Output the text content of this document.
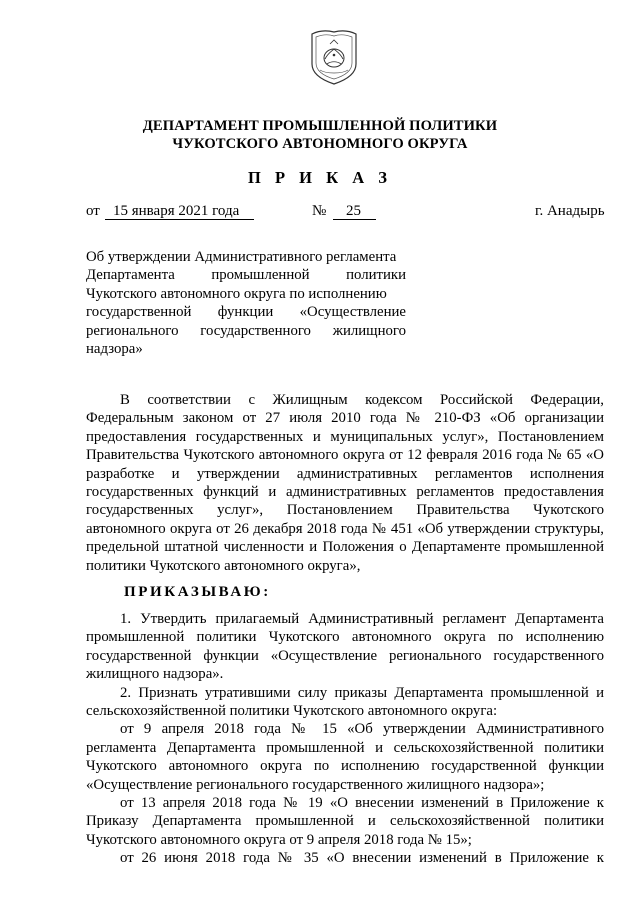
ДЕПАРТАМЕНТ ПРОМЫШЛЕННОЙ ПОЛИТИКИ
ЧУКОТСКОГО АВТОНОМНОГО ОКРУГА
П Р И К А З
от 15 января 2021 года	№ 25	г. Анадырь
Об утверждении Административного регламента
Департамента промышленной политики
Чукотского автономного округа по исполнению
государственной функции «Осуществление
регионального государственного жилищного
надзора»
В соответствии с Жилищным кодексом Российской Федерации,
Федеральным законом от 27 июля 2010 года № 210-ФЗ «Об организации
предоставления государственных и муниципальных услуг», Постановлением
Правительства Чукотского автономного округа от 12 февраля 2016 года № 65 «О
разработке и утверждении административных регламентов исполнения
государственных функций и административных регламентов предоставления
государственных услуг», Постановлением Правительства Чукотского
автономного округа от 26 декабря 2018 года № 451 «Об утверждении структуры,
предельной штатной численности и Положения о Департаменте промышленной
политики Чукотского автономного округа»,
ПРИКАЗЫВАЮ:
1. Утвердить прилагаемый Административный регламент Департамента
промышленной политики Чукотского автономного округа по исполнению
государственной функции «Осуществление регионального государственного
жилищного надзора».
2. Признать утратившими силу приказы Департамента промышленной и
сельскохозяйственной политики Чукотского автономного округа:
от 9 апреля 2018 года № 15 «Об утверждении Административного
регламента Департамента промышленной и сельскохозяйственной политики
Чукотского автономного округа по исполнению государственной функции
«Осуществление регионального государственного жилищного надзора»;
от 13 апреля 2018 года № 19 «О внесении изменений в Приложение к
Приказу Департамента промышленной и сельскохозяйственной политики
Чукотского автономного округа от 9 апреля 2018 года № 15»;
от 26 июня 2018 года № 35 «О внесении изменений в Приложение к
